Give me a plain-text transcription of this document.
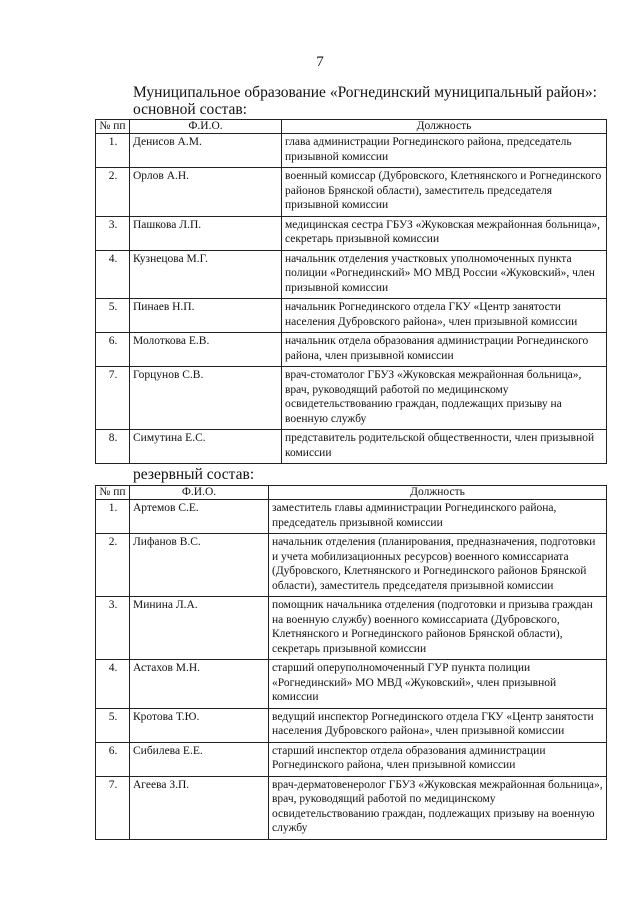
7
Муниципальное образование «Рогнединский муниципальный район»:
основной состав:
№ пп	Ф.И.О.	Должность
1.	Денисов А.М.	глава администрации Рогнединского района, председатель призывной комиссии
2.	Орлов А.Н.	военный комиссар (Дубровского, Клетнянского и Рогнединского районов Брянской области), заместитель председателя призывной комиссии
3.	Пашкова Л.П.	медицинская сестра ГБУЗ «Жуковская межрайонная больница», секретарь призывной комиссии
4.	Кузнецова М.Г.	начальник отделения участковых уполномоченных пункта полиции «Рогнединский» МО МВД России «Жуковский», член призывной комиссии
5.	Пинаев Н.П.	начальник Рогнединского отдела ГКУ «Центр занятости населения Дубровского района», член призывной комиссии
6.	Молоткова Е.В.	начальник отдела образования администрации Рогнединского района, член призывной комиссии
7.	Горцунов С.В.	врач-стоматолог ГБУЗ «Жуковская межрайонная больница», врач, руководящий работой по медицинскому освидетельствованию граждан, подлежащих призыву на военную службу
8.	Симутина Е.С.	представитель родительской общественности, член призывной комиссии
резервный состав:
№ пп	Ф.И.О.	Должность
1.	Артемов С.Е.	заместитель главы администрации Рогнединского района, председатель призывной комиссии
2.	Лифанов В.С.	начальник отделения (планирования, предназначения, подготовки и учета мобилизационных ресурсов) военного комиссариата (Дубровского, Клетнянского и Рогнединского районов Брянской области), заместитель председателя призывной комиссии
3.	Минина Л.А.	помощник начальника отделения (подготовки и призыва граждан на военную службу) военного комиссариата (Дубровского, Клетнянского и Рогнединского районов Брянской области), секретарь призывной комиссии
4.	Астахов М.Н.	старший оперуполномоченный ГУР пункта полиции «Рогнединский» МО МВД «Жуковский», член призывной комиссии
5.	Кротова Т.Ю.	ведущий инспектор Рогнединского отдела ГКУ «Центр занятости населения Дубровского района», член призывной комиссии
6.	Сибилева Е.Е.	старший инспектор отдела образования администрации Рогнединского района, член призывной комиссии
7.	Агеева З.П.	врач-дерматовенеролог ГБУЗ «Жуковская межрайонная больница», врач, руководящий работой по медицинскому освидетельствованию граждан, подлежащих призыву на военную службу
